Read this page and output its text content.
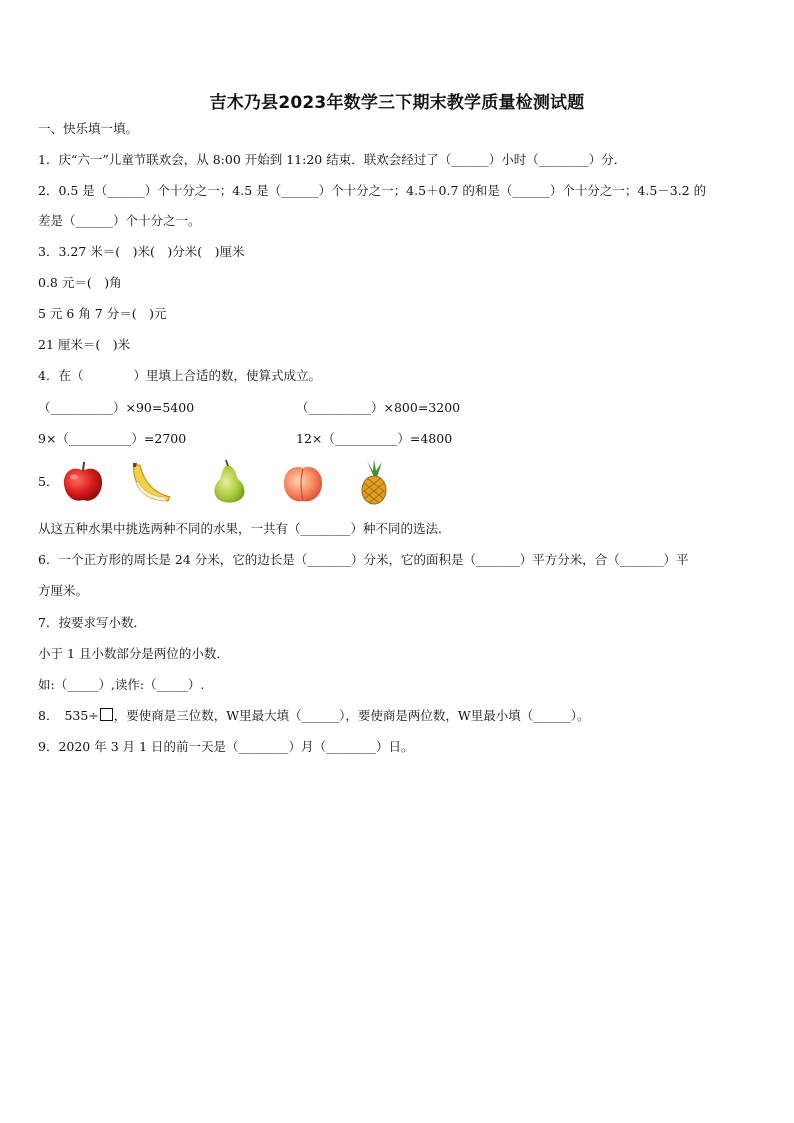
吉木乃县2023年数学三下期末教学质量检测试题
一、快乐填一填。
1．庆“六一”儿童节联欢会，从 8:00 开始到 11:20 结束．联欢会经过了（______）小时（________）分．
2．0.5 是（______）个十分之一；4.5 是（______）个十分之一；4.5＋0.7 的和是（______）个十分之一；4.5－3.2 的
差是（______）个十分之一。
3．3.27 米＝(　)米(　)分米(　)厘米
0.8 元＝(　)角
5 元 6 角 7 分＝(　)元
21 厘米＝(　)米
4．在（　　　　）里填上合适的数，使算式成立。
（__________）×90=5400	（__________）×800=3200
9×（__________）=2700	12×（__________）=4800
5．
从这五种水果中挑选两种不同的水果，一共有（________）种不同的选法．
6．一个正方形的周长是 24 分米，它的边长是（_______）分米，它的面积是（_______）平方分米，合（_______）平
方厘米。
7．按要求写小数．
小于 1 且小数部分是两位的小数．
如:（_____）,读作:（_____）.
8． 535÷ ，要使商是三位数，W里最大填（______），要使商是两位数，W里最小填（______）。
9．2020 年 3 月 1 日的前一天是（________）月（________）日。
